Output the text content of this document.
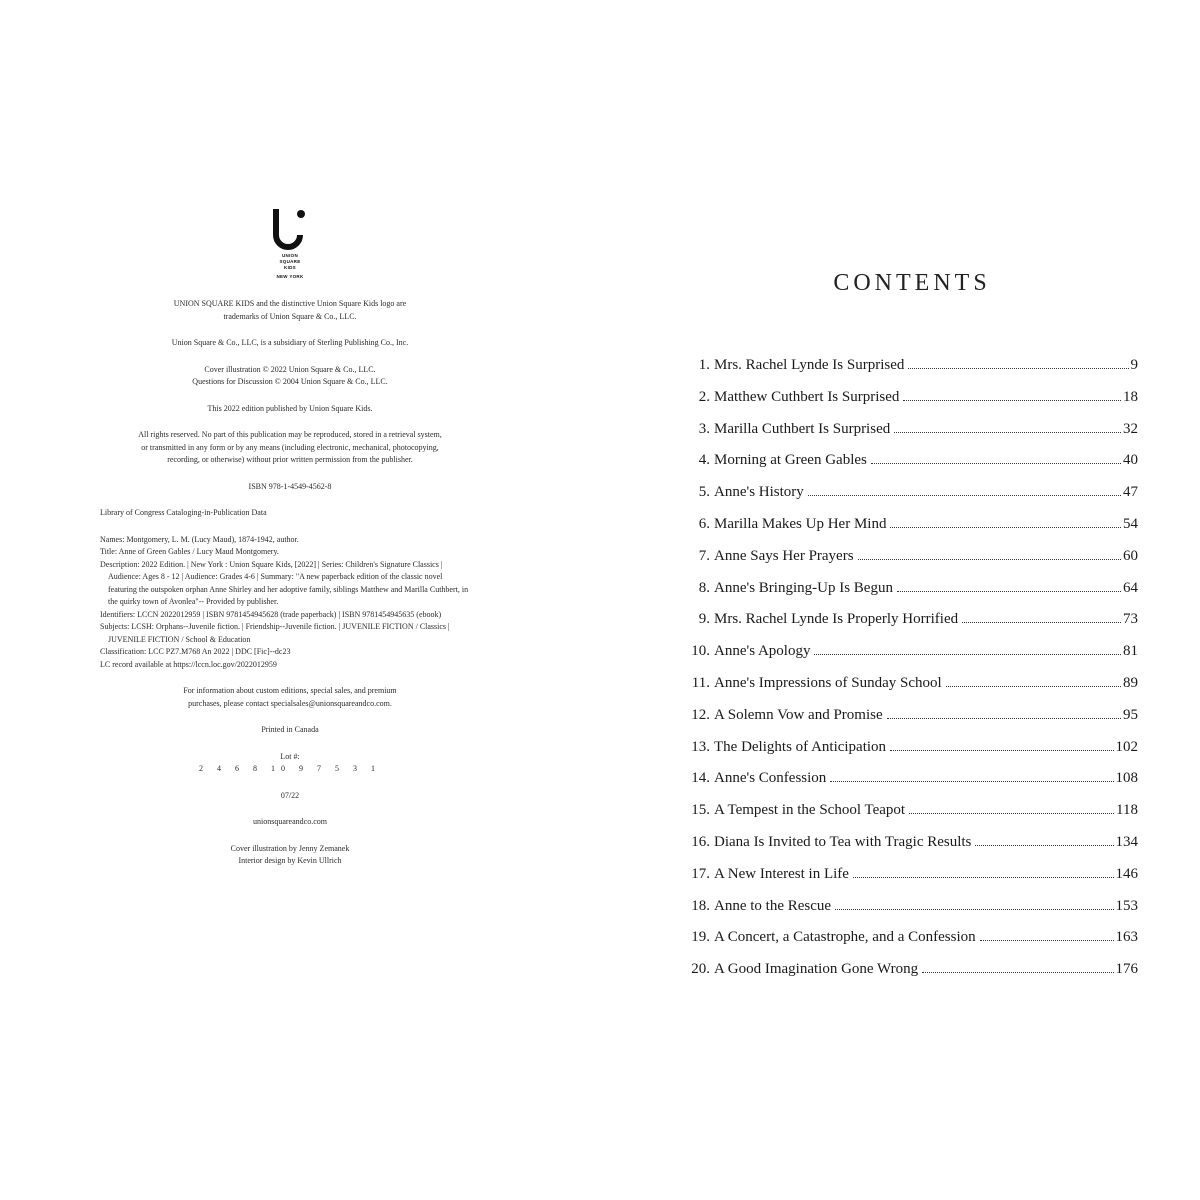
UNION
SQUARE
KIDS
NEW YORK

UNION SQUARE KIDS and the distinctive Union Square Kids logo are

trademarks of Union Square & Co., LLC.

Union Square & Co., LLC, is a subsidiary of Sterling Publishing Co., Inc.

Cover illustration © 2022 Union Square & Co., LLC.

Questions for Discussion © 2004 Union Square & Co., LLC.

This 2022 edition published by Union Square Kids.

All rights reserved. No part of this publication may be reproduced, stored in a retrieval system,

or transmitted in any form or by any means (including electronic, mechanical, photocopying,

recording, or otherwise) without prior written permission from the publisher.

ISBN 978-1-4549-4562-8

Library of Congress Cataloging-in-Publication Data

Names: Montgomery, L. M. (Lucy Maud), 1874-1942, author.

Title: Anne of Green Gables / Lucy Maud Montgomery.

Description: 2022 Edition. | New York : Union Square Kids, [2022] | Series: Children's Signature Classics | Audience: Ages 8 - 12 | Audience: Grades 4-6 | Summary: "A new paperback edition of the classic novel featuring the outspoken orphan Anne Shirley and her adoptive family, siblings Matthew and Marilla Cuthbert, in the quirky town of Avonlea"-- Provided by publisher.

Identifiers: LCCN 2022012959 | ISBN 9781454945628 (trade paperback) | ISBN 9781454945635 (ebook)

Subjects: LCSH: Orphans--Juvenile fiction. | Friendship--Juvenile fiction. | JUVENILE FICTION / Classics | JUVENILE FICTION / School & Education

Classification: LCC PZ7.M768 An 2022 | DDC [Fic]--dc23

LC record available at https://lccn.loc.gov/2022012959

For information about custom editions, special sales, and premium

purchases, please contact specialsales@unionsquareandco.com.

Printed in Canada

Lot #:

2 4 6 8 10 9 7 5 3 1

07/22

unionsquareandco.com

Cover illustration by Jenny Zemanek

Interior design by Kevin Ullrich

CONTENTS
1. Mrs. Rachel Lynde Is Surprised	9
2. Matthew Cuthbert Is Surprised	18
3. Marilla Cuthbert Is Surprised	32
4. Morning at Green Gables	40
5. Anne's History	47
6. Marilla Makes Up Her Mind	54
7. Anne Says Her Prayers	60
8. Anne's Bringing-Up Is Begun	64
9. Mrs. Rachel Lynde Is Properly Horrified	73
10. Anne's Apology	81
11. Anne's Impressions of Sunday School	89
12. A Solemn Vow and Promise	95
13. The Delights of Anticipation	102
14. Anne's Confession	108
15. A Tempest in the School Teapot	118
16. Diana Is Invited to Tea with Tragic Results	134
17. A New Interest in Life	146
18. Anne to the Rescue	153
19. A Concert, a Catastrophe, and a Confession	163
20. A Good Imagination Gone Wrong	176
